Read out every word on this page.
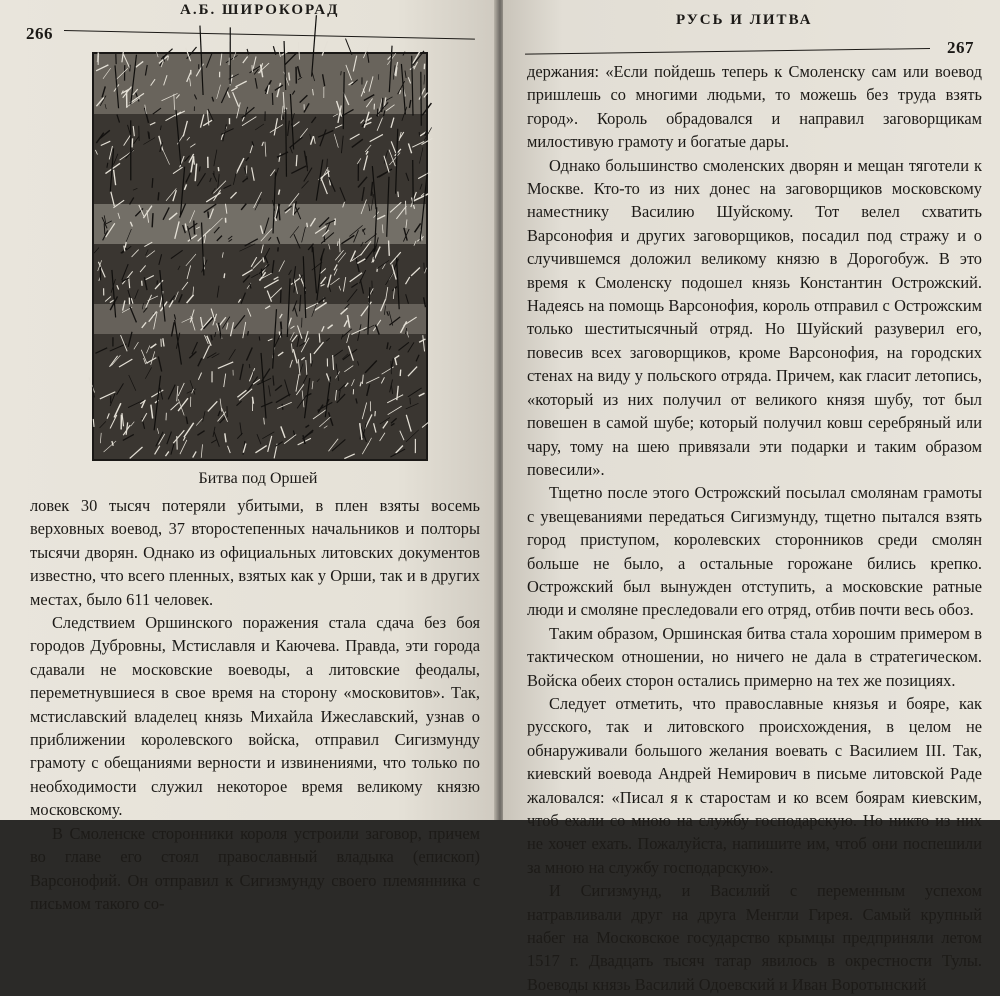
266
А.Б. ШИРОКОРАД
Битва под Оршей

ловек 30 тысяч потеряли убитыми, в плен взяты восемь верховных воевод, 37 второстепенных начальников и полторы тысячи дворян. Однако из официальных литовских документов известно, что всего пленных, взятых как у Орши, так и в других местах, было 611 человек.

Следствием Оршинского поражения стала сдача без боя городов Дубровны, Мстиславля и Каючева. Правда, эти города сдавали не московские воеводы, а литовские феодалы, переметнувшиеся в свое время на сторону «московитов». Так, мстиславский владелец князь Михайла Ижеславский, узнав о приближении королевского войска, отправил Сигизмунду грамоту с обещаниями верности и извинениями, что только по необходимости служил некоторое время великому князю московскому.

В Смоленске сторонники короля устроили заговор, причем во главе его стоял православный владыка (епископ) Варсонофий. Он отправил к Сигизмунду своего племянника с письмом такого со-

РУСЬ И ЛИТВА
267

держания: «Если пойдешь теперь к Смоленску сам или воевод пришлешь со многими людьми, то можешь без труда взять город». Король обрадовался и направил заговорщикам милостивую грамоту и богатые дары.

Однако большинство смоленских дворян и мещан тяготели к Москве. Кто-то из них донес на заговорщиков московскому наместнику Василию Шуйскому. Тот велел схватить Варсонофия и других заговорщиков, посадил под стражу и о случившемся доложил великому князю в Дорогобуж. В это время к Смоленску подошел князь Константин Острожский. Надеясь на помощь Варсонофия, король отправил с Острожским только шеститысячный отряд. Но Шуйский разуверил его, повесив всех заговорщиков, кроме Варсонофия, на городских стенах на виду у польского отряда. Причем, как гласит летопись, «который из них получил от великого князя шубу, тот был повешен в самой шубе; который получил ковш серебряный или чару, тому на шею привязали эти подарки и таким образом повесили».

Тщетно после этого Острожский посылал смолянам грамоты с увещеваниями передаться Сигизмунду, тщетно пытался взять город приступом, королевских сторонников среди смолян больше не было, а остальные горожане бились крепко. Острожский был вынужден отступить, а московские ратные люди и смоляне преследовали его отряд, отбив почти весь обоз.

Таким образом, Оршинская битва стала хорошим примером в тактическом отношении, но ничего не дала в стратегическом. Войска обеих сторон остались примерно на тех же позициях.

Следует отметить, что православные князья и бояре, как русского, так и литовского происхождения, в целом не обнаруживали большого желания воевать с Василием III. Так, киевский воевода Андрей Немирович в письме литовской Раде жаловался: «Писал я к старостам и ко всем боярам киевским, чтоб ехали со мною на службу господарскую. Но никто из них не хочет ехать. Пожалуйста, напишите им, чтоб они поспешили за мною на службу господарскую».

И Сигизмунд, и Василий с переменным успехом натравливали друг на друга Менгли Гирея. Самый крупный набег на Московское государство крымцы предприняли летом 1517 г. Двадцать тысяч татар явилось в окрестности Тулы. Воеводы князь Василий Одоевский и Иван Воротынский
